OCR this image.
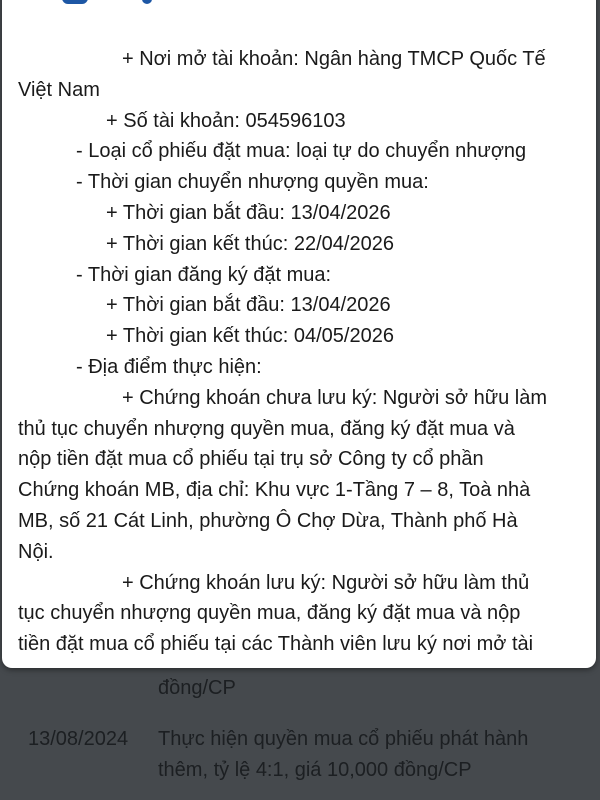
đồng/CP
13/08/2024 Thực hiện quyền mua cổ phiếu phát hành
thêm, tỷ lệ 4:1, giá 10,000 đồng/CP
+ Nơi mở tài khoản: Ngân hàng TMCP Quốc Tế
Việt Nam
+ Số tài khoản: 054596103
- Loại cổ phiếu đặt mua: loại tự do chuyển nhượng
- Thời gian chuyển nhượng quyền mua:
+ Thời gian bắt đầu: 13/04/2026
+ Thời gian kết thúc: 22/04/2026
- Thời gian đăng ký đặt mua:
+ Thời gian bắt đầu: 13/04/2026
+ Thời gian kết thúc: 04/05/2026
- Địa điểm thực hiện:
+ Chứng khoán chưa lưu ký: Người sở hữu làm
thủ tục chuyển nhượng quyền mua, đăng ký đặt mua và
nộp tiền đặt mua cổ phiếu tại trụ sở Công ty cổ phần
Chứng khoán MB, địa chỉ: Khu vực 1-Tầng 7 – 8, Toà nhà
MB, số 21 Cát Linh, phường Ô Chợ Dừa, Thành phố Hà
Nội.
+ Chứng khoán lưu ký: Người sở hữu làm thủ
tục chuyển nhượng quyền mua, đăng ký đặt mua và nộp
tiền đặt mua cổ phiếu tại các Thành viên lưu ký nơi mở tài
